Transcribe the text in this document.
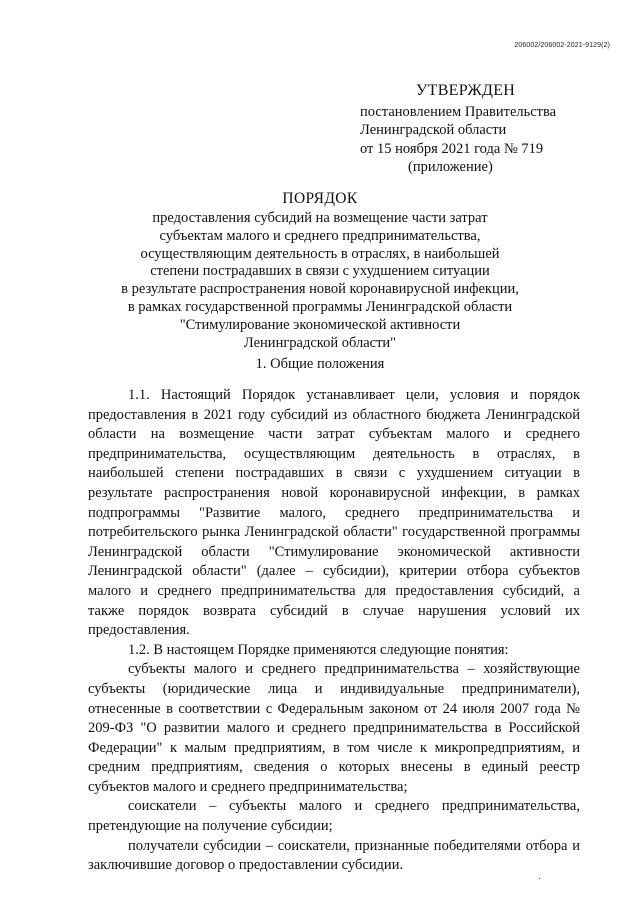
206002/206002-2021-9129(2)
УТВЕРЖДЕН
постановлением Правительства
Ленинградской области
от 15 ноября 2021 года № 719
(приложение)
ПОРЯДОК
предоставления субсидий на возмещение части затрат
субъектам малого и среднего предпринимательства,
осуществляющим деятельность в отраслях, в наибольшей
степени пострадавших в связи с ухудшением ситуации
в результате распространения новой коронавирусной инфекции,
в рамках государственной программы Ленинградской области
"Стимулирование экономической активности
Ленинградской области"
1. Общие положения

1.1. Настоящий Порядок устанавливает цели, условия и порядок предоставления в 2021 году субсидий из областного бюджета Ленинградской области на возмещение части затрат субъектам малого и среднего предпринимательства, осуществляющим деятельность в отраслях, в наибольшей степени пострадавших в связи с ухудшением ситуации в результате распространения новой коронавирусной инфекции, в рамках подпрограммы "Развитие малого, среднего предпринимательства и потребительского рынка Ленинградской области" государственной программы Ленинградской области "Стимулирование экономической активности Ленинградской области" (далее – субсидии), критерии отбора субъектов малого и среднего предпринимательства для предоставления субсидий, а также порядок возврата субсидий в случае нарушения условий их предоставления.

1.2. В настоящем Порядке применяются следующие понятия:

субъекты малого и среднего предпринимательства – хозяйствующие субъекты (юридические лица и индивидуальные предприниматели), отнесенные в соответствии с Федеральным законом от 24 июля 2007 года № 209-ФЗ "О развитии малого и среднего предпринимательства в Российской Федерации" к малым предприятиям, в том числе к микропредприятиям, и средним предприятиям, сведения о которых внесены в единый реестр субъектов малого и среднего предпринимательства;

соискатели – субъекты малого и среднего предпринимательства, претендующие на получение субсидии;

получатели субсидии – соискатели, признанные победителями отбора и заключившие договор о предоставлении субсидии.

·
